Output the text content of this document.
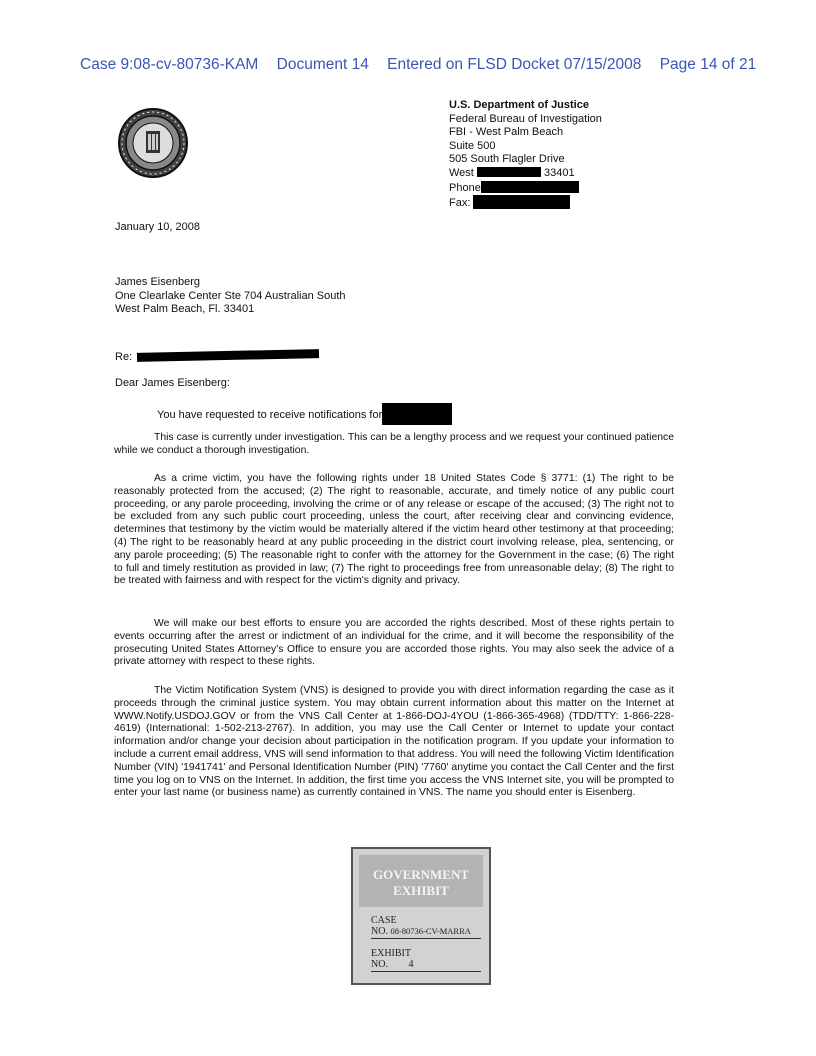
Case 9:08-cv-80736-KAM Document 14 Entered on FLSD Docket 07/15/2008 Page 14 of 21
U.S. Department of Justice
Federal Bureau of Investigation
FBI - West Palm Beach
Suite 500
505 South Flagler Drive
West	33401
Phone
Fax:
January 10, 2008
James Eisenberg
One Clearlake Center Ste 704 Australian South
West Palm Beach, Fl. 33401
Re:
Dear James Eisenberg:
You have requested to receive notifications for

This case is currently under investigation. This can be a lengthy process and we request your continued patience while we conduct a thorough investigation.

As a crime victim, you have the following rights under 18 United States Code § 3771: (1) The right to be reasonably protected from the accused; (2) The right to reasonable, accurate, and timely notice of any public court proceeding, or any parole proceeding, involving the crime or of any release or escape of the accused; (3) The right not to be excluded from any such public court proceeding, unless the court, after receiving clear and convincing evidence, determines that testimony by the victim would be materially altered if the victim heard other testimony at that proceeding; (4) The right to be reasonably heard at any public proceeding in the district court involving release, plea, sentencing, or any parole proceeding; (5) The reasonable right to confer with the attorney for the Government in the case; (6) The right to full and timely restitution as provided in law; (7) The right to proceedings free from unreasonable delay; (8) The right to be treated with fairness and with respect for the victim's dignity and privacy.

We will make our best efforts to ensure you are accorded the rights described. Most of these rights pertain to events occurring after the arrest or indictment of an individual for the crime, and it will become the responsibility of the prosecuting United States Attorney's Office to ensure you are accorded those rights. You may also seek the advice of a private attorney with respect to these rights.

The Victim Notification System (VNS) is designed to provide you with direct information regarding the case as it proceeds through the criminal justice system. You may obtain current information about this matter on the Internet at WWW.Notify.USDOJ.GOV or from the VNS Call Center at 1-866-DOJ-4YOU (1-866-365-4968) (TDD/TTY: 1-866-228-4619) (International: 1-502-213-2767). In addition, you may use the Call Center or Internet to update your contact information and/or change your decision about participation in the notification program. If you update your information to include a current email address, VNS will send information to that address. You will need the following Victim Identification Number (VIN) '1941741' and Personal Identification Number (PIN) '7760' anytime you contact the Call Center and the first time you log on to VNS on the Internet. In addition, the first time you access the VNS Internet site, you will be prompted to enter your last name (or business name) as currently contained in VNS. The name you should enter is Eisenberg.

GOVERNMENT
EXHIBIT
CASE
NO. 08-80736-CV-MARRA
EXHIBIT
NO. 4
